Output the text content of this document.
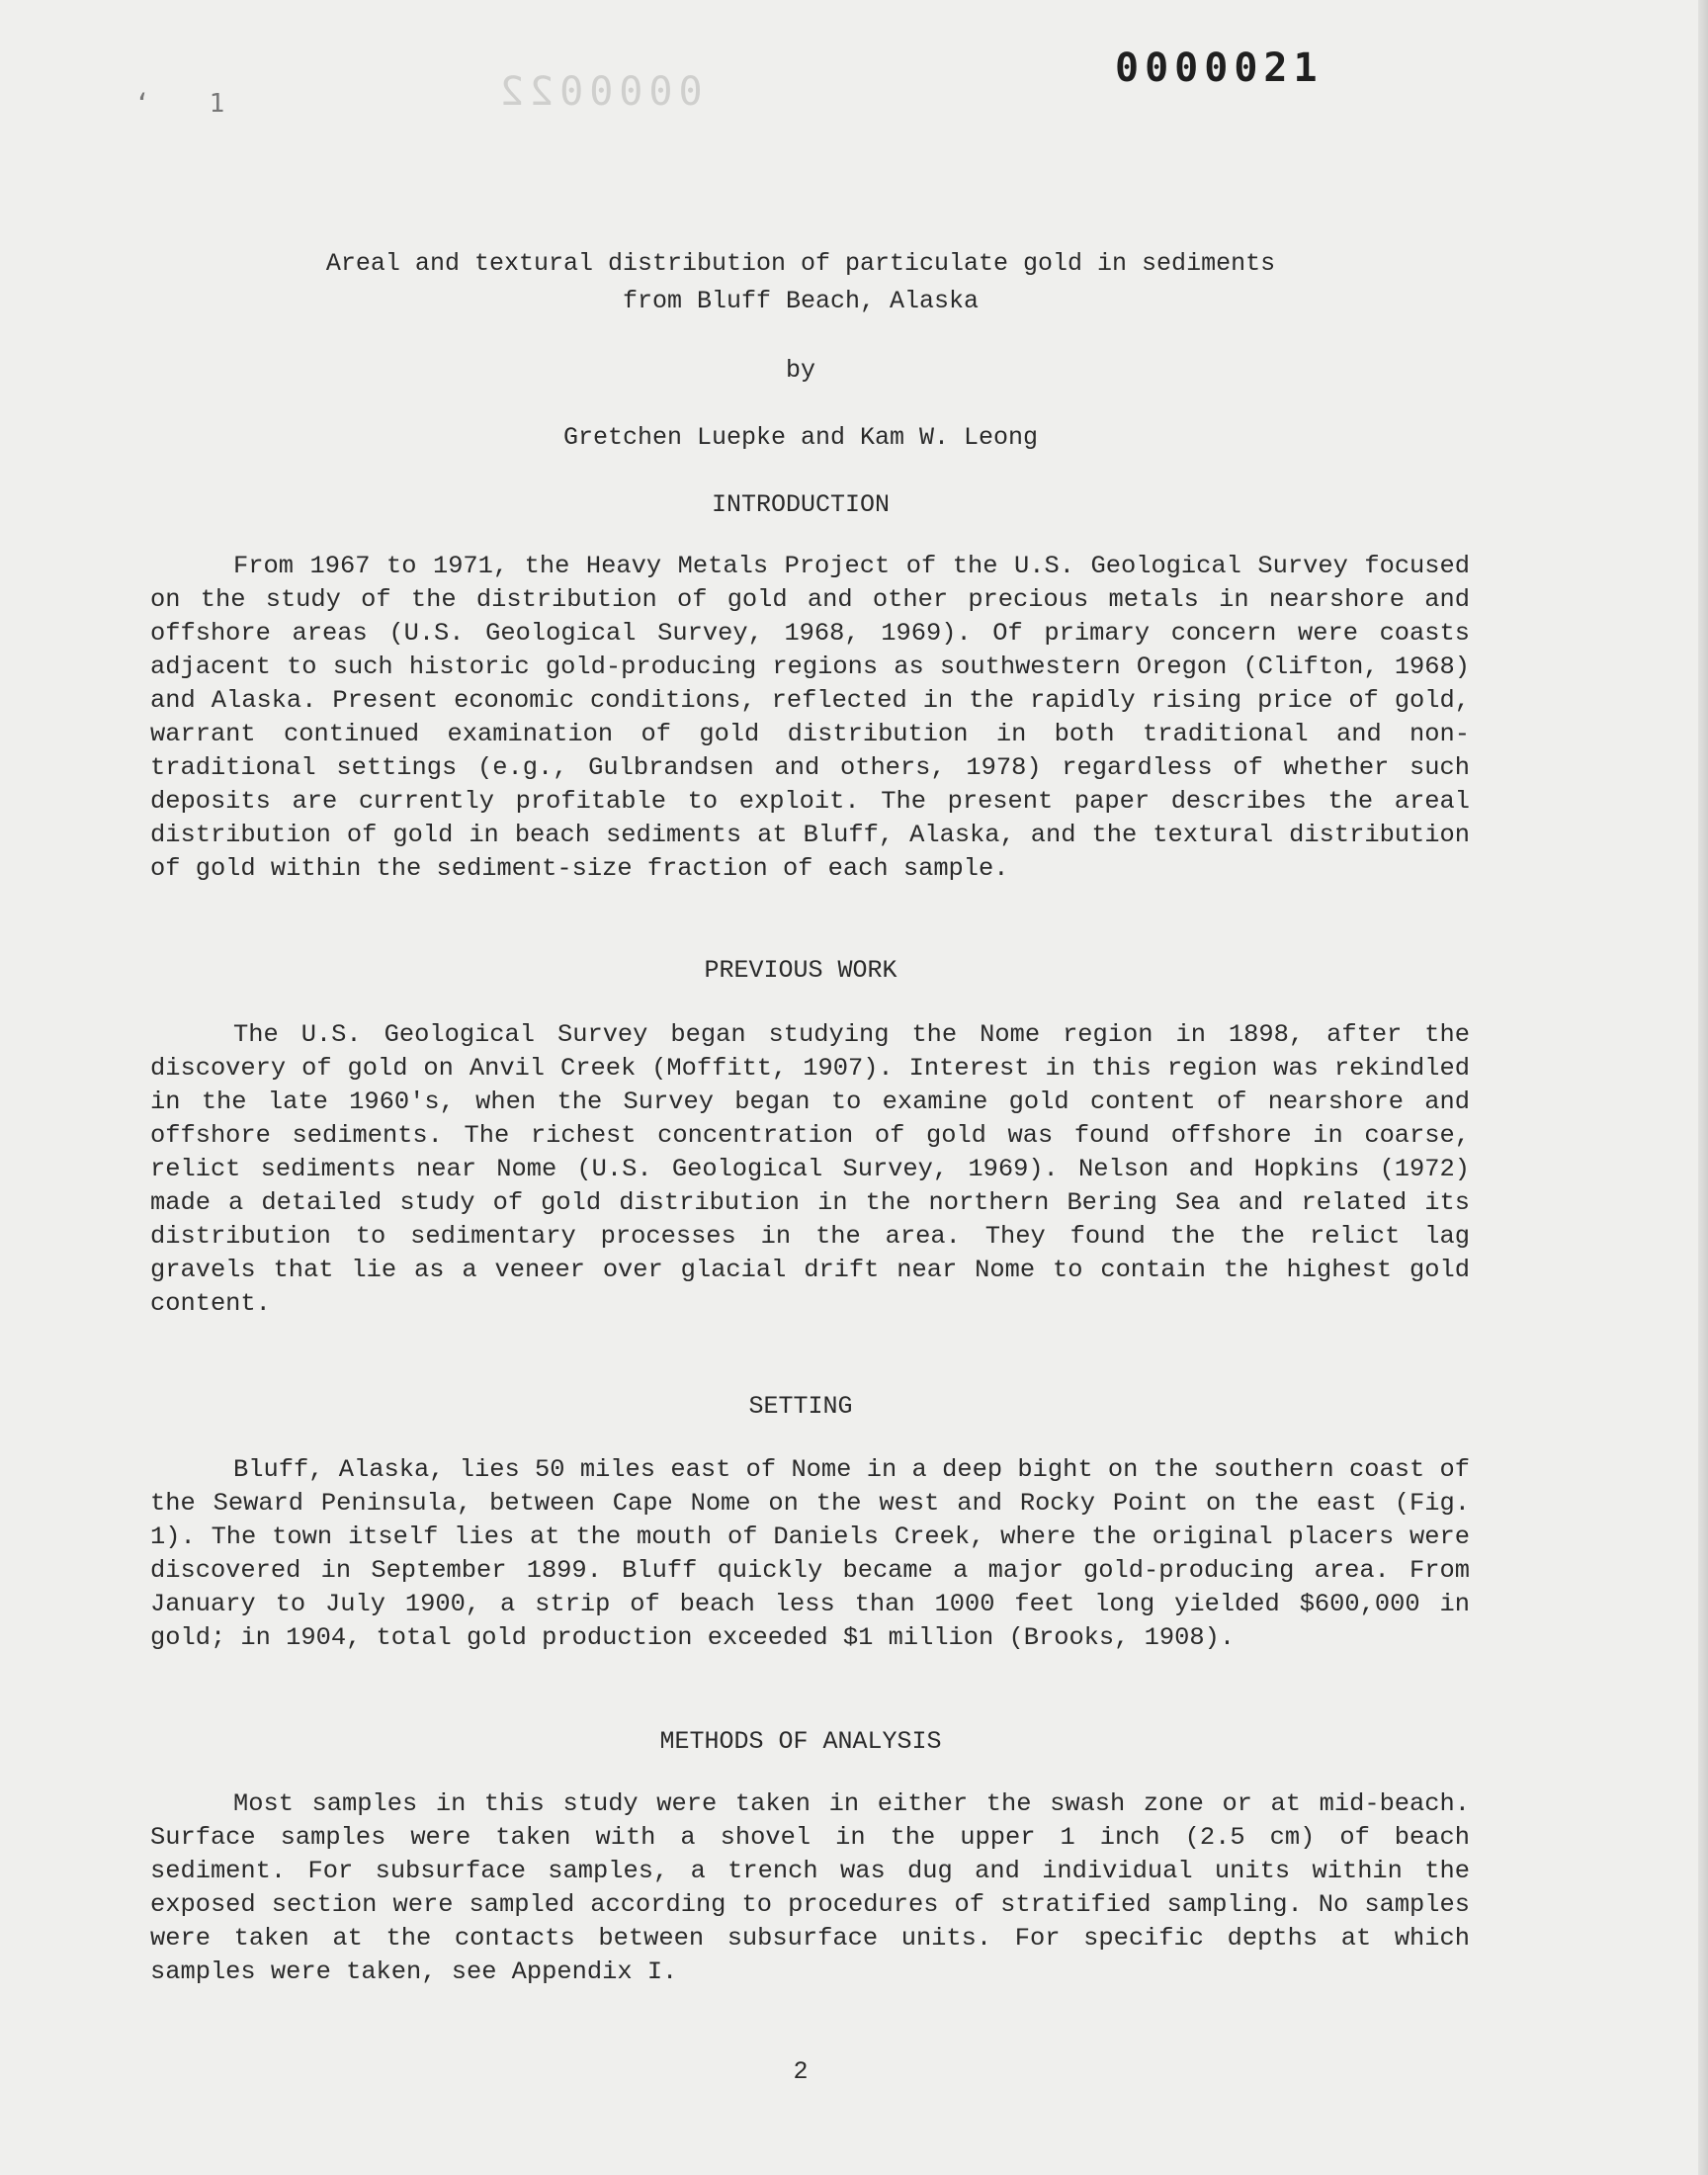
0000022
‘​1
0000021
Areal and textural distribution of particulate gold in sediments
from Bluff Beach, Alaska
by
Gretchen Luepke and Kam W. Leong
INTRODUCTION

From 1967 to 1971, the Heavy Metals Project of the U.S. Geological Survey focused on the study of the distribution of gold and other precious metals in nearshore and offshore areas (U.S. Geological Survey, 1968, 1969). Of primary concern were coasts adjacent to such historic gold-producing regions as southwestern Oregon (Clifton, 1968) and Alaska. Present economic conditions, reflected in the rapidly rising price of gold, warrant continued examination of gold distribution in both traditional and non-traditional settings (e.g., Gulbrandsen and others, 1978) regardless of whether such deposits are currently profitable to exploit. The present paper describes the areal distribution of gold in beach sediments at Bluff, Alaska, and the textural distribution of gold within the sediment-size fraction of each sample.

PREVIOUS WORK

The U.S. Geological Survey began studying the Nome region in 1898, after the discovery of gold on Anvil Creek (Moffitt, 1907). Interest in this region was rekindled in the late 1960's, when the Survey began to examine gold content of nearshore and offshore sediments. The richest concentration of gold was found offshore in coarse, relict sediments near Nome (U.S. Geological Survey, 1969). Nelson and Hopkins (1972) made a detailed study of gold distribution in the northern Bering Sea and related its distribution to sedimentary processes in the area. They found the the relict lag gravels that lie as a veneer over glacial drift near Nome to contain the highest gold content.

SETTING

Bluff, Alaska, lies 50 miles east of Nome in a deep bight on the southern coast of the Seward Peninsula, between Cape Nome on the west and Rocky Point on the east (Fig. 1). The town itself lies at the mouth of Daniels Creek, where the original placers were discovered in September 1899. Bluff quickly became a major gold-producing area. From January to July 1900, a strip of beach less than 1000 feet long yielded $600,000 in gold; in 1904, total gold production exceeded $1 million (Brooks, 1908).

METHODS OF ANALYSIS

Most samples in this study were taken in either the swash zone or at mid-beach. Surface samples were taken with a shovel in the upper 1 inch (2.5 cm) of beach sediment. For subsurface samples, a trench was dug and individual units within the exposed section were sampled according to procedures of stratified sampling. No samples were taken at the contacts between subsurface units. For specific depths at which samples were taken, see Appendix I.

2
